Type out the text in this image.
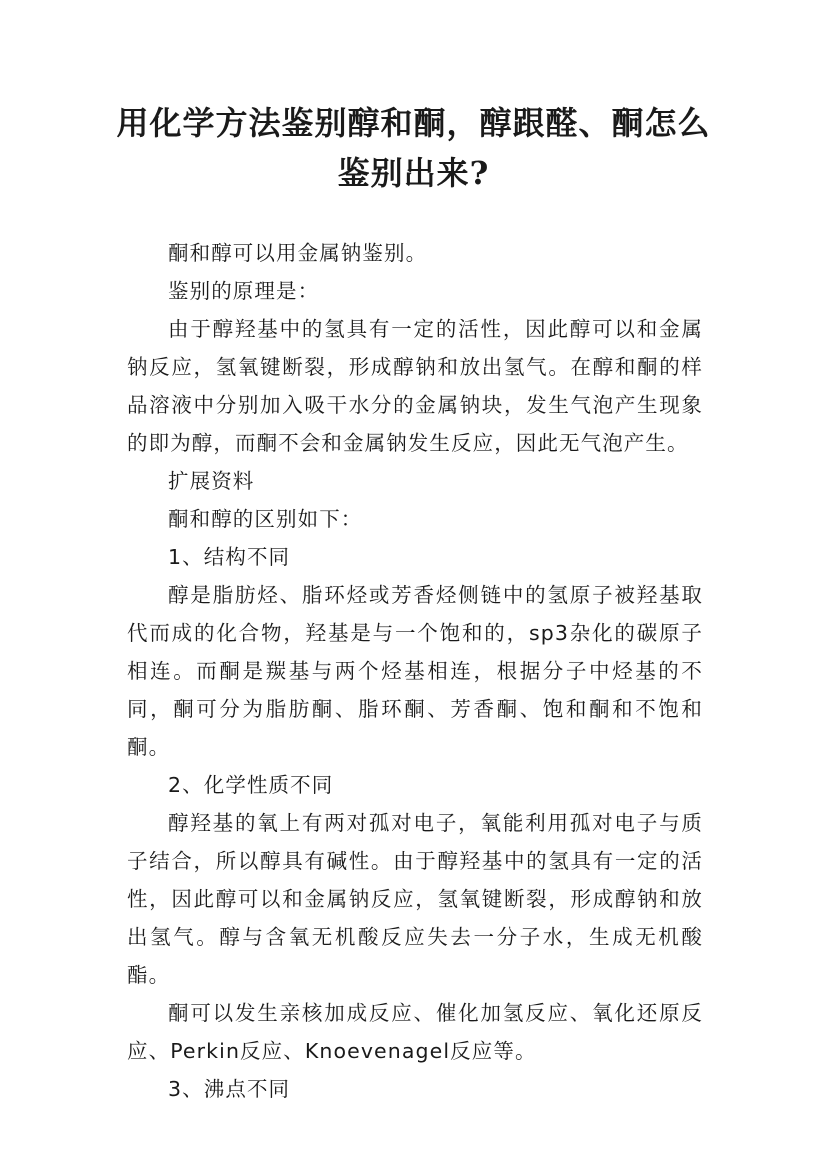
用化学方法鉴别醇和酮，醇跟醛、酮怎么鉴别出来?

酮和醇可以用金属钠鉴别。

鉴别的原理是：

由于醇羟基中的氢具有一定的活性，因此醇可以和金属钠反应，氢氧键断裂，形成醇钠和放出氢气。在醇和酮的样品溶液中分别加入吸干水分的金属钠块，发生气泡产生现象的即为醇，而酮不会和金属钠发生反应，因此无气泡产生。

扩展资料

酮和醇的区别如下：

1、结构不同

醇是脂肪烃、脂环烃或芳香烃侧链中的氢原子被羟基取代而成的化合物，羟基是与一个饱和的，sp3杂化的碳原子相连。而酮是羰基与两个烃基相连，根据分子中烃基的不同，酮可分为脂肪酮、脂环酮、芳香酮、饱和酮和不饱和酮。

2、化学性质不同

醇羟基的氧上有两对孤对电子，氧能利用孤对电子与质子结合，所以醇具有碱性。由于醇羟基中的氢具有一定的活性，因此醇可以和金属钠反应，氢氧键断裂，形成醇钠和放出氢气。醇与含氧无机酸反应失去一分子水，生成无机酸酯。

酮可以发生亲核加成反应、催化加氢反应、氧化还原反应、Perkin反应、Knoevenagel反应等。

3、沸点不同
